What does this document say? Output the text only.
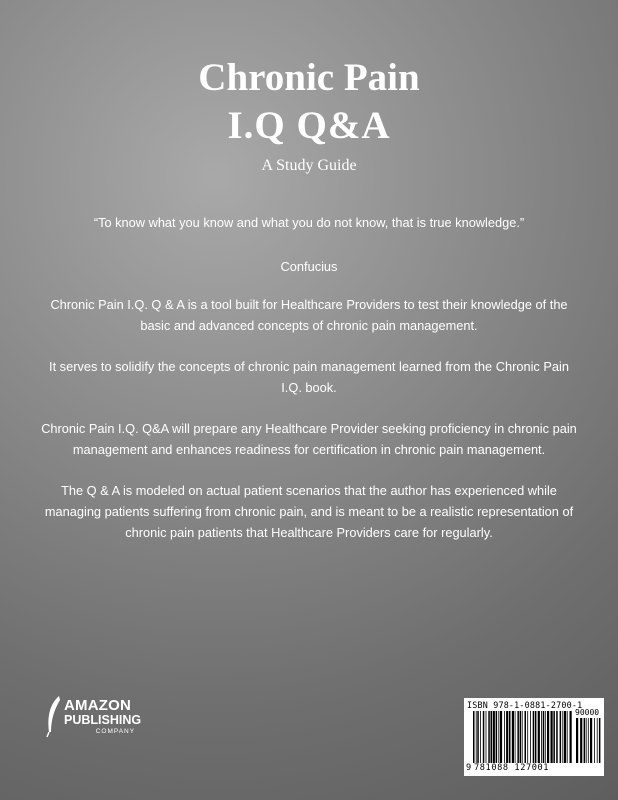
Chronic Pain
I.Q Q&A
A Study Guide

“To know what you know and what you do not know, that is true knowledge.”

Confucius

Chronic Pain I.Q. Q & A is a tool built for Healthcare Providers to test their knowledge of the basic and advanced concepts of chronic pain management.

It serves to solidify the concepts of chronic pain management learned from the Chronic Pain I.Q. book.

Chronic Pain I.Q. Q&A will prepare any Healthcare Provider seeking proficiency in chronic pain management and enhances readiness for certification in chronic pain management.

The Q & A is modeled on actual patient scenarios that the author has experienced while managing patients suffering from chronic pain, and is meant to be a realistic representation of chronic pain patients that Healthcare Providers care for regularly.

AMAZON
PUBLISHING
COMPANY
ISBN 978-1-0881-2700-1
9 781088 127001
90000
